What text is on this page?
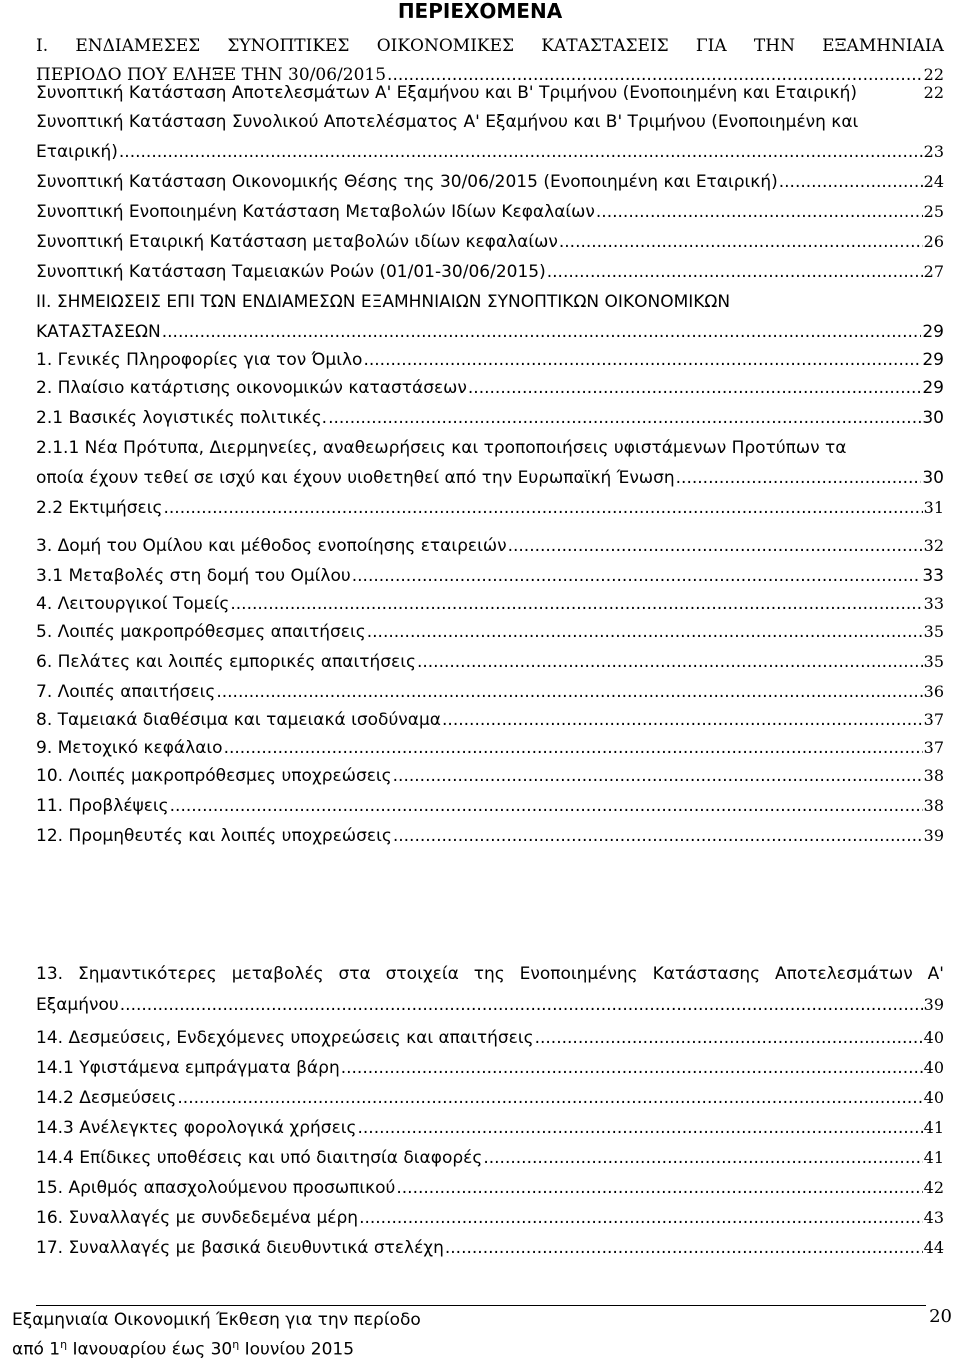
ΠΕΡΙΕΧΟΜΕΝΑ
I. ΕΝΔΙΑΜΕΣΕΣ ΣΥΝΟΠΤΙΚΕΣ ΟΙΚΟΝΟΜΙΚΕΣ ΚΑΤΑΣΤΑΣΕΙΣ ΓΙΑ ΤΗΝ ΕΞΑΜΗΝΙΑΙΑ
ΠΕΡΙΟΔΟ ΠΟΥ ΕΛΗΞΕ ΤΗΝ 30/06/2015 .....	22
Συνοπτική Κατάσταση Αποτελεσμάτων Α' Εξαμήνου και Β' Τριμήνου (Ενοποιημένη και Εταιρική)	22
Συνοπτική Κατάσταση Συνολικού Αποτελέσματος Α' Εξαμήνου και Β' Τριμήνου (Ενοποιημένη και
Εταιρική) .....	23
Συνοπτική Κατάσταση Οικονομικής Θέσης της 30/06/2015 (Ενοποιημένη και Εταιρική) .....	24
Συνοπτική Ενοποιημένη Κατάσταση Μεταβολών Ιδίων Κεφαλαίων .....	25
Συνοπτική Εταιρική Κατάσταση μεταβολών ιδίων κεφαλαίων .....	26
Συνοπτική Κατάσταση Ταμειακών Ροών (01/01-30/06/2015) .....	27
ΙΙ. ΣΗΜΕΙΩΣΕΙΣ ΕΠΙ ΤΩΝ ΕΝΔΙΑΜΕΣΩΝ ΕΞΑΜΗΝΙΑΙΩΝ ΣΥΝΟΠΤΙΚΩΝ ΟΙΚΟΝΟΜΙΚΩΝ
ΚΑΤΑΣΤΑΣΕΩΝ .....	29
1. Γενικές Πληροφορίες για τον Όμιλο .....	29
2. Πλαίσιο κατάρτισης οικονομικών καταστάσεων .....	29
2.1 Βασικές λογιστικές πολιτικές. .....	30
2.1.1 Νέα Πρότυπα, Διερμηνείες, αναθεωρήσεις και τροποποιήσεις υφιστάμενων Προτύπων τα
οποία έχουν τεθεί σε ισχύ και έχουν υιοθετηθεί από την Ευρωπαϊκή Ένωση .....	30
2.2 Εκτιμήσεις .....	31
3. Δομή του Ομίλου και μέθοδος ενοποίησης εταιρειών .....	32
3.1 Μεταβολές στη δομή του Ομίλου .....	33
4. Λειτουργικοί Τομείς .....	33
5. Λοιπές μακροπρόθεσμες απαιτήσεις .....	35
6. Πελάτες και λοιπές εμπορικές απαιτήσεις .....	35
7. Λοιπές απαιτήσεις .....	36
8. Ταμειακά διαθέσιμα και ταμειακά ισοδύναμα .....	37
9. Μετοχικό κεφάλαιο .....	37
10. Λοιπές μακροπρόθεσμες υποχρεώσεις .....	38
11. Προβλέψεις .....	38
12. Προμηθευτές και λοιπές υποχρεώσεις .....	39
13. Σημαντικότερες μεταβολές στα στοιχεία της Ενοποιημένης Κατάστασης Αποτελεσμάτων Α'
Εξαμήνου .....	39
14. Δεσμεύσεις, Ενδεχόμενες υποχρεώσεις και απαιτήσεις .....	40
14.1 Υφιστάμενα εμπράγματα βάρη .....	40
14.2 Δεσμεύσεις .....	40
14.3 Ανέλεγκτες φορολογικά χρήσεις .....	41
14.4 Επίδικες υποθέσεις και υπό διαιτησία διαφορές .....	41
15. Αριθμός απασχολούμενου προσωπικού .....	42
16. Συναλλαγές με συνδεδεμένα μέρη .....	43
17. Συναλλαγές με βασικά διευθυντικά στελέχη .....	44
Εξαμηνιαία Οικονομική Έκθεση για την περίοδο
από $1^\eta$ Ιανουαρίου έως $30^\eta$ Ιουνίου 2015
20
